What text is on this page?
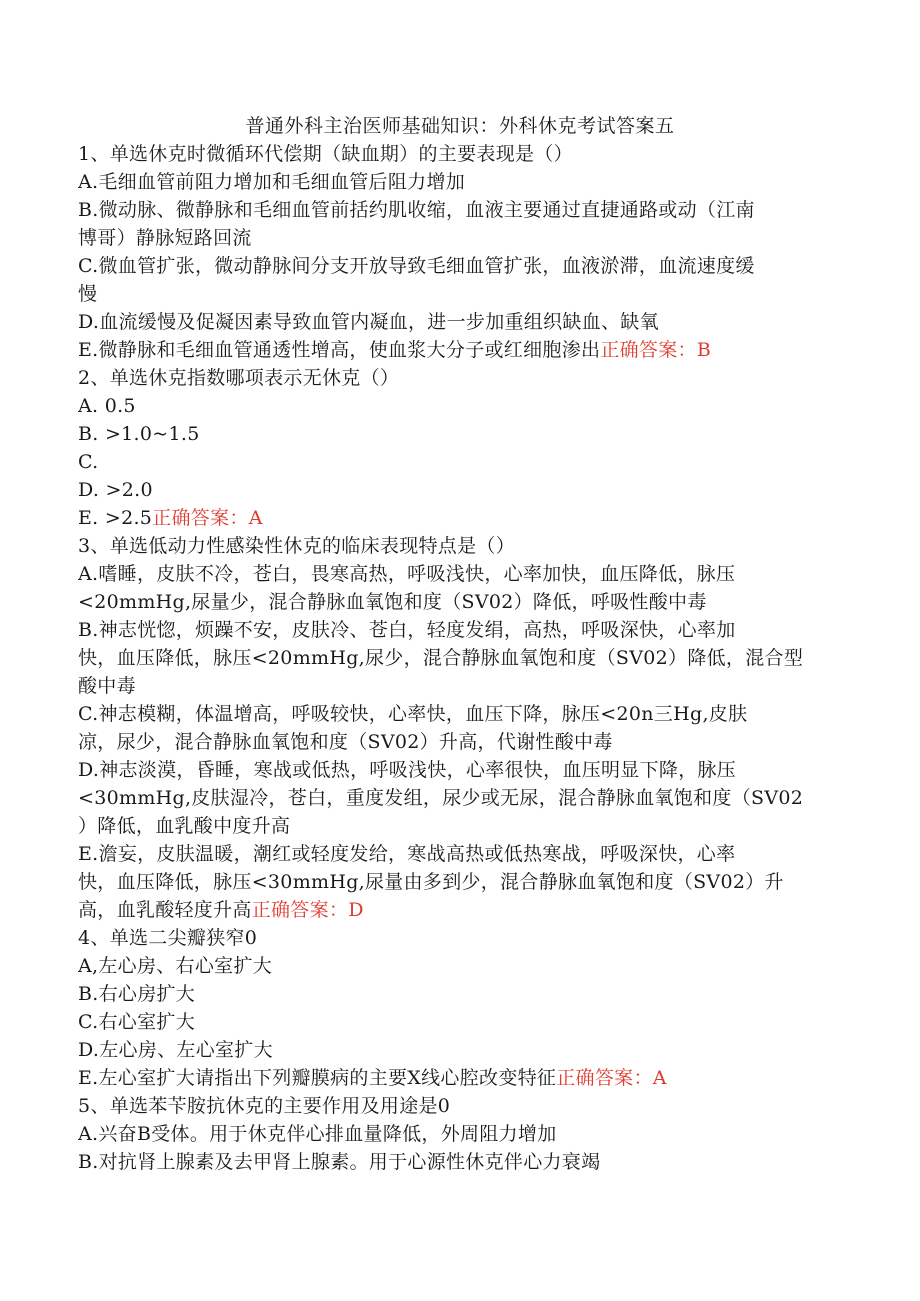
普通外科主治医师基础知识：外科休克考试答案五
1、单选休克时微循环代偿期（缺血期）的主要表现是（）
A.毛细血管前阻力增加和毛细血管后阻力增加
B.微动脉、微静脉和毛细血管前括约肌收缩，血液主要通过直捷通路或动（江南
博哥）静脉短路回流
C.微血管扩张，微动静脉间分支开放导致毛细血管扩张，血液淤滞，血流速度缓
慢
D.血流缓慢及促凝因素导致血管内凝血，进一步加重组织缺血、缺氧
E.微静脉和毛细血管通透性增高，使血浆大分子或红细胞渗出正确答案：B
2、单选休克指数哪项表示无休克（）
A. 0.5
B. >1.0~1.5
C.
D. >2.0
E. >2.5正确答案：A
3、单选低动力性感染性休克的临床表现特点是（）
A.嗜睡，皮肤不冷，苍白，畏寒高热，呼吸浅快，心率加快，血压降低，脉压
<20mmHg,尿量少，混合静脉血氧饱和度（SV02）降低，呼吸性酸中毒
B.神志恍惚，烦躁不安，皮肤冷、苍白，轻度发绢，高热，呼吸深快，心率加
快，血压降低，脉压<20mmHg,尿少，混合静脉血氧饱和度（SV02）降低，混合型
酸中毒
C.神志模糊，体温增高，呼吸较快，心率快，血压下降，脉压<20n三Hg,皮肤
凉，尿少，混合静脉血氧饱和度（SV02）升高，代谢性酸中毒
D.神志淡漠，昏睡，寒战或低热，呼吸浅快，心率很快，血压明显下降，脉压
<30mmHg,皮肤湿冷，苍白，重度发组，尿少或无尿，混合静脉血氧饱和度（SV02
）降低，血乳酸中度升高
E.澹妄，皮肤温暖，潮红或轻度发给，寒战高热或低热寒战，呼吸深快，心率
快，血压降低，脉压<30mmHg,尿量由多到少，混合静脉血氧饱和度（SV02）升
高，血乳酸轻度升高正确答案：D
4、单选二尖瓣狭窄0
A,左心房、右心室扩大
B.右心房扩大
C.右心室扩大
D.左心房、左心室扩大
E.左心室扩大请指出下列瓣膜病的主要X线心腔改变特征正确答案：A
5、单选苯苄胺抗休克的主要作用及用途是0
A.兴奋B受体。用于休克伴心排血量降低，外周阻力增加
B.对抗肾上腺素及去甲肾上腺素。用于心源性休克伴心力衰竭
